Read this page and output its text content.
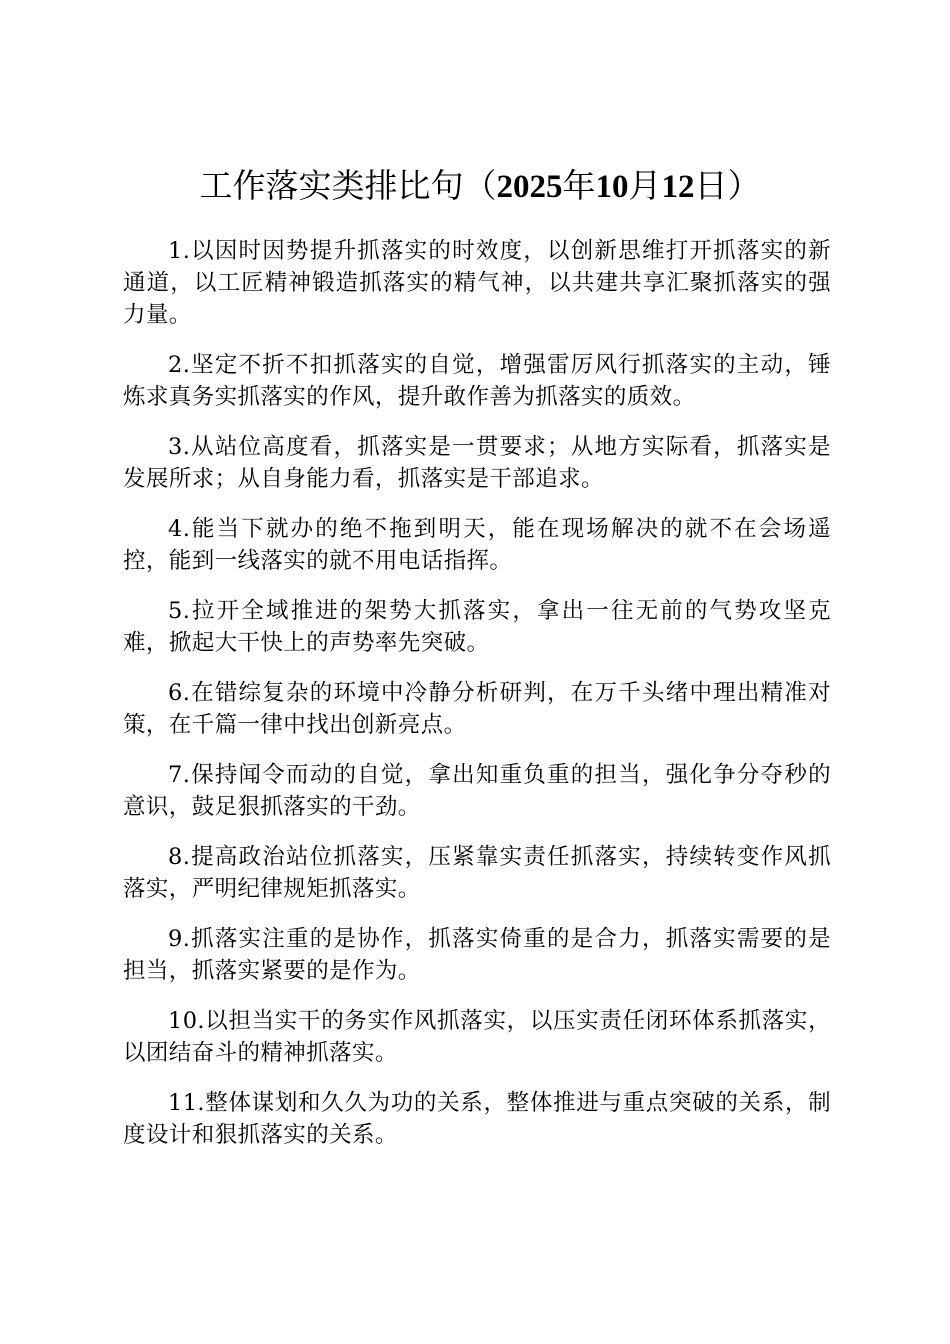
工作落实类排比句（2025年10月12日）

1.以因时因势提升抓落实的时效度，以创新思维打开抓落实的新通道，以工匠精神锻造抓落实的精气神，以共建共享汇聚抓落实的强力量。

2.坚定不折不扣抓落实的自觉，增强雷厉风行抓落实的主动，锤炼求真务实抓落实的作风，提升敢作善为抓落实的质效。

3.从站位高度看，抓落实是一贯要求；从地方实际看，抓落实是发展所求；从自身能力看，抓落实是干部追求。

4.能当下就办的绝不拖到明天，能在现场解决的就不在会场遥控，能到一线落实的就不用电话指挥。

5.拉开全域推进的架势大抓落实，拿出一往无前的气势攻坚克难，掀起大干快上的声势率先突破。

6.在错综复杂的环境中冷静分析研判，在万千头绪中理出精准对策，在千篇一律中找出创新亮点。

7.保持闻令而动的自觉，拿出知重负重的担当，强化争分夺秒的意识，鼓足狠抓落实的干劲。

8.提高政治站位抓落实，压紧靠实责任抓落实，持续转变作风抓落实，严明纪律规矩抓落实。

9.抓落实注重的是协作，抓落实倚重的是合力，抓落实需要的是担当，抓落实紧要的是作为。

10.以担当实干的务实作风抓落实，以压实责任闭环体系抓落实，以团结奋斗的精神抓落实。

11.整体谋划和久久为功的关系，整体推进与重点突破的关系，制度设计和狠抓落实的关系。
